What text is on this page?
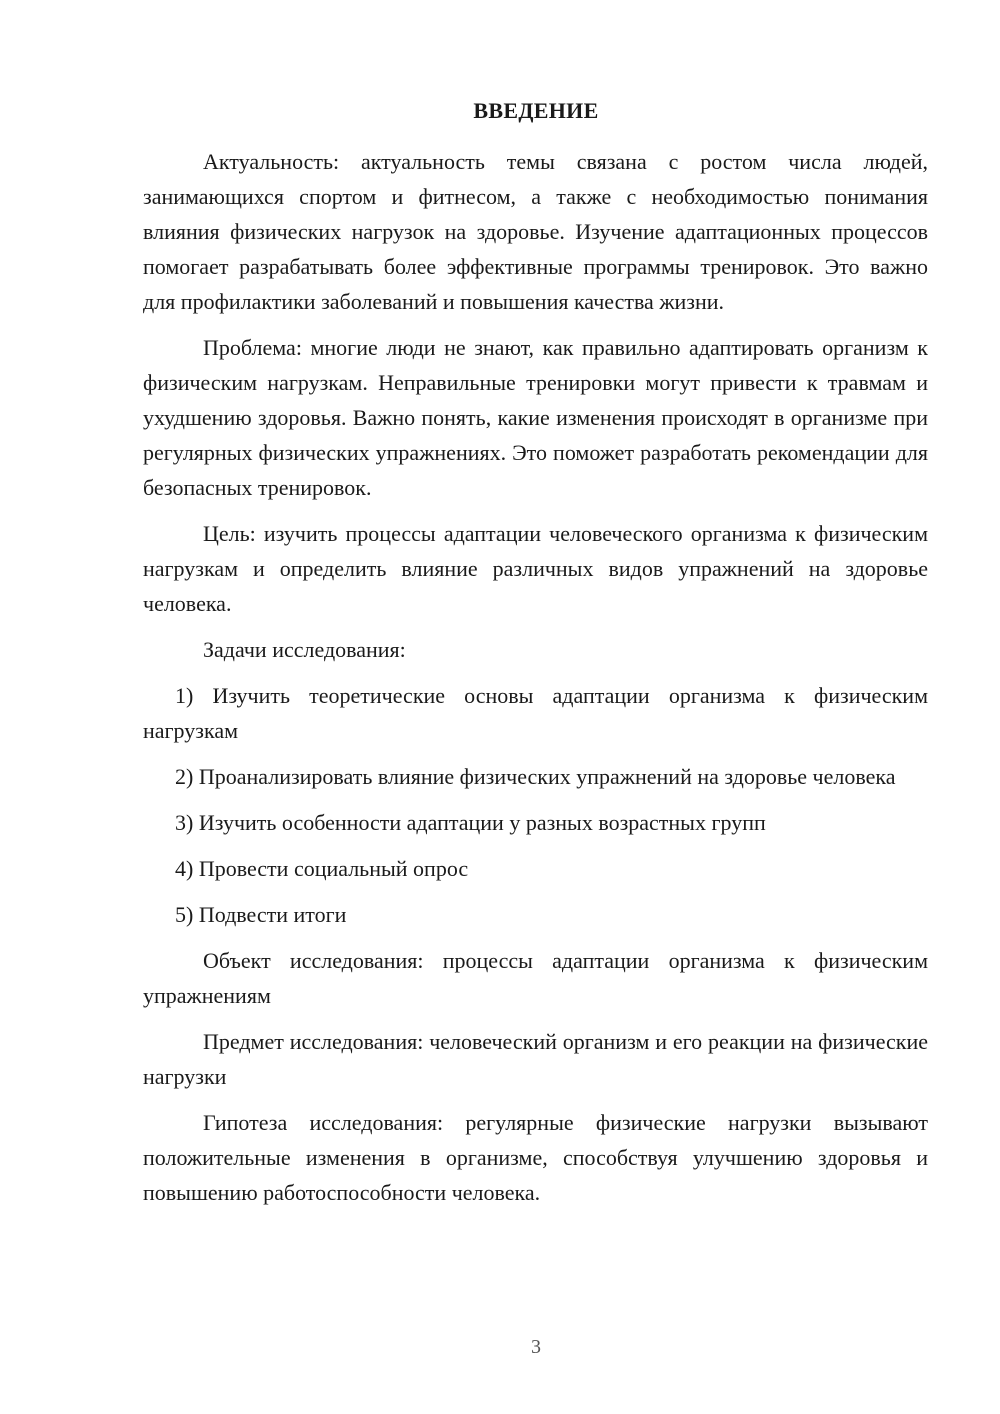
ВВЕДЕНИЕ

Актуальность: актуальность темы связана с ростом числа людей, занимающихся спортом и фитнесом, а также с необходимостью понимания влияния физических нагрузок на здоровье. Изучение адаптационных процессов помогает разрабатывать более эффективные программы тренировок. Это важно для профилактики заболеваний и повышения качества жизни.

Проблема: многие люди не знают, как правильно адаптировать организм к физическим нагрузкам. Неправильные тренировки могут привести к травмам и ухудшению здоровья. Важно понять, какие изменения происходят в организме при регулярных физических упражнениях. Это поможет разработать рекомендации для безопасных тренировок.

Цель: изучить процессы адаптации человеческого организма к физическим нагрузкам и определить влияние различных видов упражнений на здоровье человека.

Задачи исследования:

1) Изучить теоретические основы адаптации организма к физическим нагрузкам

2) Проанализировать влияние физических упражнений на здоровье человека

3) Изучить особенности адаптации у разных возрастных групп

4) Провести социальный опрос

5) Подвести итоги

Объект исследования: процессы адаптации организма к физическим упражнениям

Предмет исследования: человеческий организм и его реакции на физические нагрузки

Гипотеза исследования: регулярные физические нагрузки вызывают положительные изменения в организме, способствуя улучшению здоровья и повышению работоспособности человека.

3
